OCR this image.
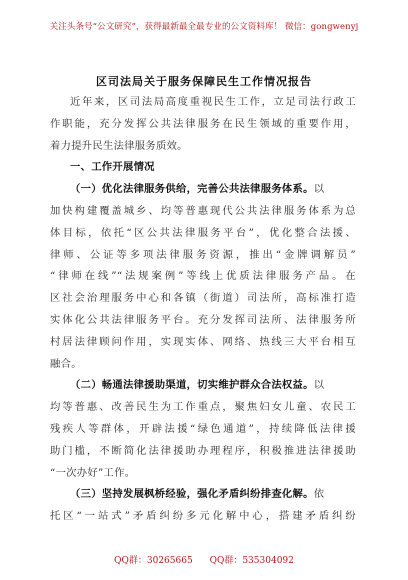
关注头条号“公文研究”，获得最新最全最专业的公文资料库！ 微信：gongwenyj
区司法局关于服务保障民生工作情况报告
近年来，区司法局高度重视民生工作，立足司法行政工
作职能，充分发挥公共法律服务在民生领域的重要作用，
着力提升民生法律服务质效。
一、工作开展情况
（一）优化法律服务供给，完善公共法律服务体系。以
加快构建覆盖城乡、均等普惠现代公共法律服务体系为总
体目标，依托“区公共法律服务平台”，优化整合法援、
律师、公证等多项法律服务资源，推出“金牌调解员”
“律师在线”“法规案例”等线上优质法律服务产品。在
区社会治理服务中心和各镇（街道）司法所，高标准打造
实体化公共法律服务平台。充分发挥司法所、法律服务所
村居法律顾问作用，实现实体、网络、热线三大平台相互
融合。
（二）畅通法律援助渠道，切实维护群众合法权益。以
均等普惠、改善民生为工作重点，聚焦妇女儿童、农民工
残疾人等群体，开辟法援“绿色通道”，持续降低法律援
助门槛，不断简化法律援助办理程序，积极推进法律援助
“一次办好”工作。
（三）坚持发展枫桥经验，强化矛盾纠纷排查化解。依
托区“一站式”矛盾纠纷多元化解中心，搭建矛盾纠纷
QQ群：30265665 QQ群：535304092
